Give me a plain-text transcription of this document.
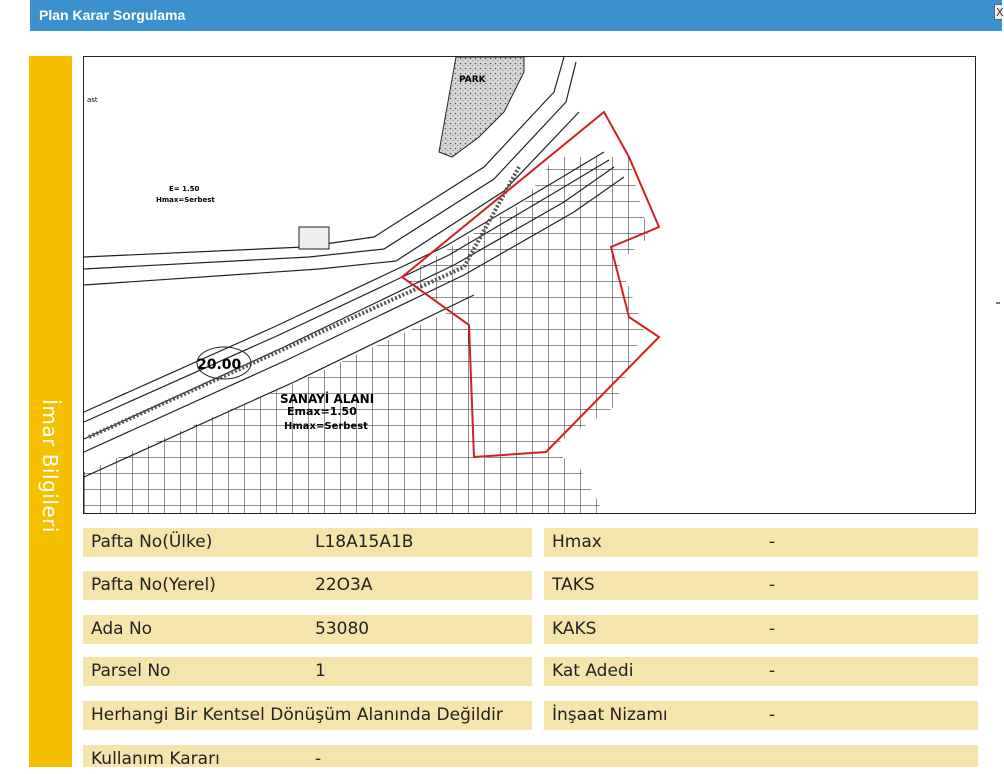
Plan Karar Sorgulama	X
İmar Bilgileri
PARK
ast
E= 1.50
Hmax=Serbest
20.00
SANAYİ ALANI
Emax=1.50
Hmax=Serbest
Pafta No(Ülke)	L18A15A1B
Pafta No(Yerel)	22O3A
Ada No	53080
Parsel No	1
Herhangi Bir Kentsel Dönüşüm Alanında Değildir
Hmax	-
TAKS	-
KAKS	-
Kat Adedi	-
İnşaat Nizamı	-
Kullanım Kararı	-
